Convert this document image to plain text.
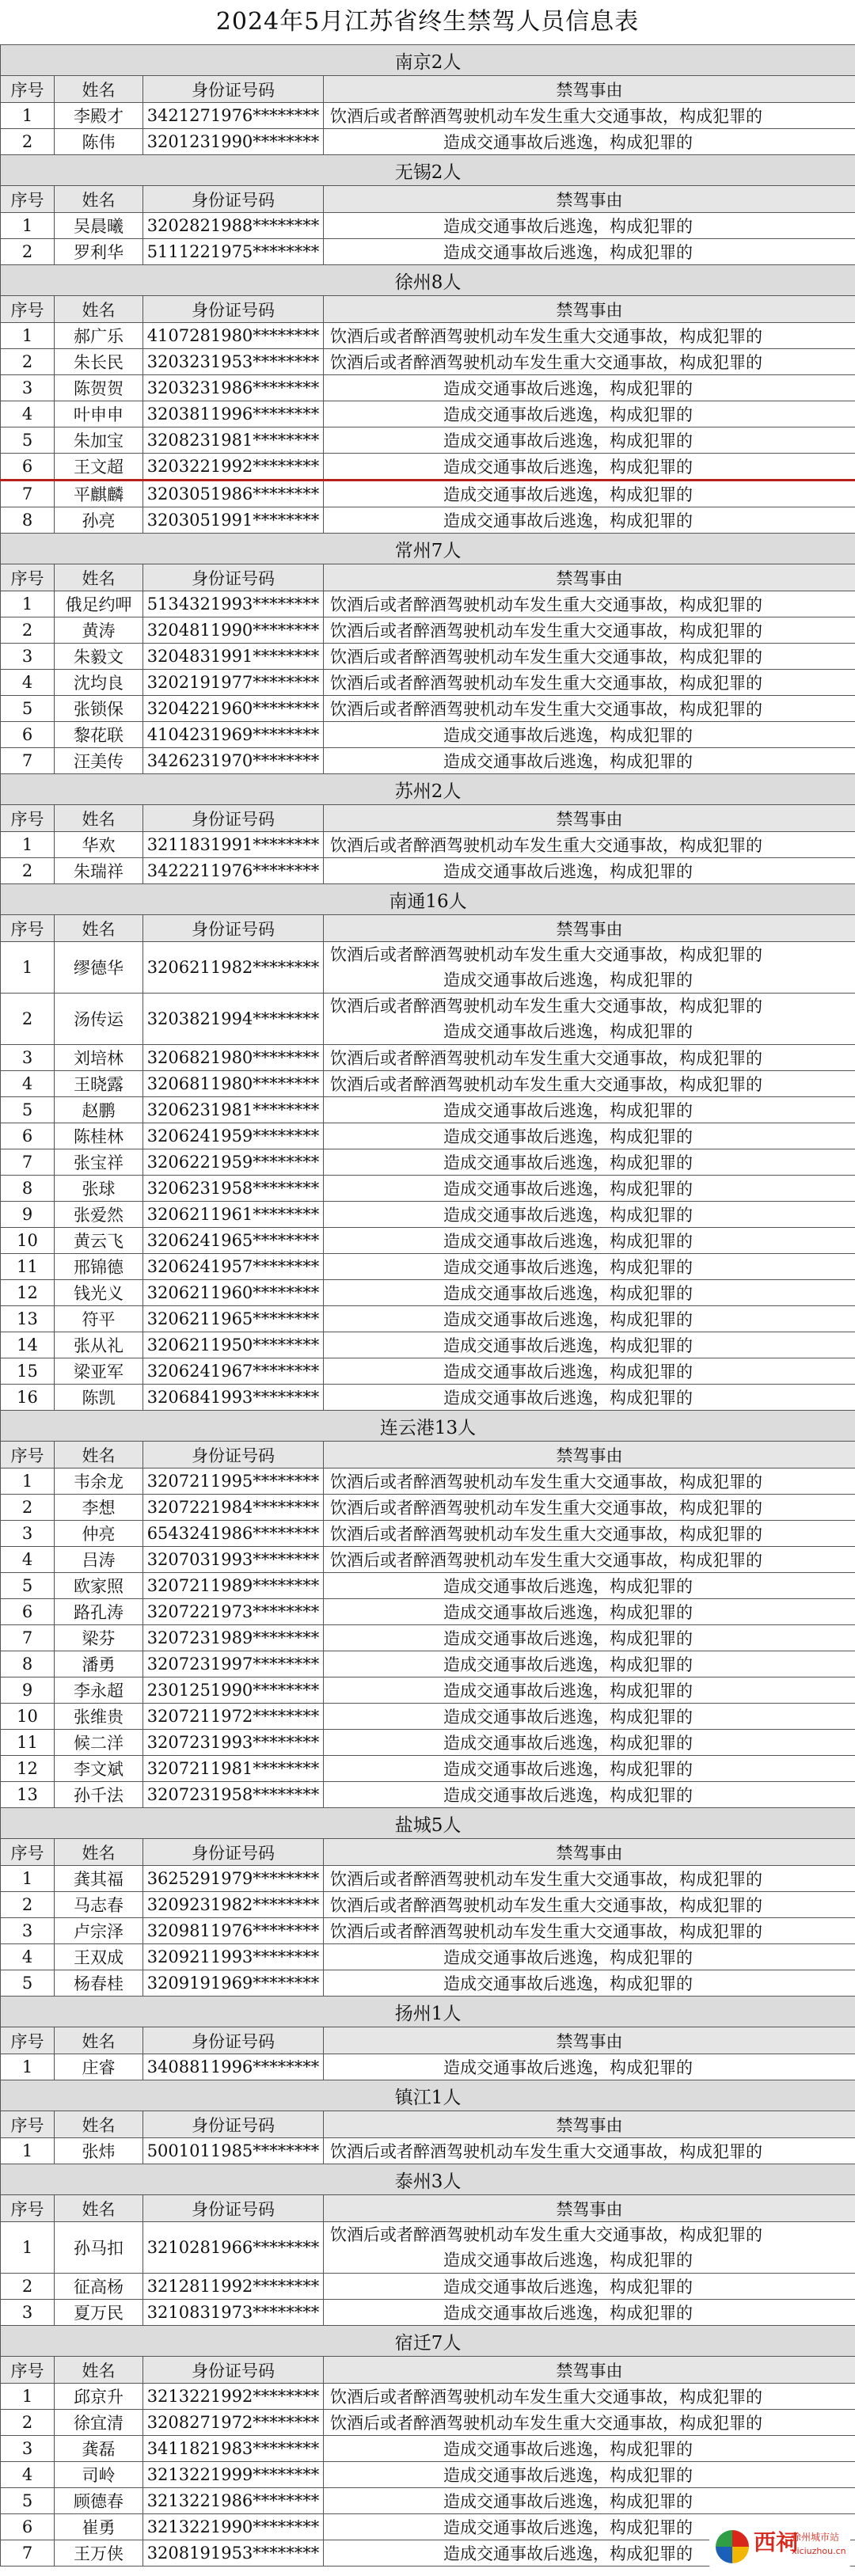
2024年5月江苏省终生禁驾人员信息表
南京2人			
序号	姓名	身份证号码	禁驾事由
1	李殿才	3421271976********	饮酒后或者醉酒驾驶机动车发生重大交通事故，构成犯罪的
2	陈伟	3201231990********	造成交通事故后逃逸，构成犯罪的
无锡2人			
序号	姓名	身份证号码	禁驾事由
1	吴晨曦	3202821988********	造成交通事故后逃逸，构成犯罪的
2	罗利华	5111221975********	造成交通事故后逃逸，构成犯罪的
徐州8人			
序号	姓名	身份证号码	禁驾事由
1	郝广乐	4107281980********	饮酒后或者醉酒驾驶机动车发生重大交通事故，构成犯罪的
2	朱长民	3203231953********	饮酒后或者醉酒驾驶机动车发生重大交通事故，构成犯罪的
3	陈贺贺	3203231986********	造成交通事故后逃逸，构成犯罪的
4	叶申申	3203811996********	造成交通事故后逃逸，构成犯罪的
5	朱加宝	3208231981********	造成交通事故后逃逸，构成犯罪的
6	王文超	3203221992********	造成交通事故后逃逸，构成犯罪的
7	平麒麟	3203051986********	造成交通事故后逃逸，构成犯罪的
8	孙亮	3203051991********	造成交通事故后逃逸，构成犯罪的
常州7人			
序号	姓名	身份证号码	禁驾事由
1	俄足约呷	5134321993********	饮酒后或者醉酒驾驶机动车发生重大交通事故，构成犯罪的
2	黄涛	3204811990********	饮酒后或者醉酒驾驶机动车发生重大交通事故，构成犯罪的
3	朱毅文	3204831991********	饮酒后或者醉酒驾驶机动车发生重大交通事故，构成犯罪的
4	沈均良	3202191977********	饮酒后或者醉酒驾驶机动车发生重大交通事故，构成犯罪的
5	张锁保	3204221960********	饮酒后或者醉酒驾驶机动车发生重大交通事故，构成犯罪的
6	黎花联	4104231969********	造成交通事故后逃逸，构成犯罪的
7	汪美传	3426231970********	造成交通事故后逃逸，构成犯罪的
苏州2人			
序号	姓名	身份证号码	禁驾事由
1	华欢	3211831991********	饮酒后或者醉酒驾驶机动车发生重大交通事故，构成犯罪的
2	朱瑞祥	3422211976********	造成交通事故后逃逸，构成犯罪的
南通16人			
序号	姓名	身份证号码	禁驾事由
1	缪德华	3206211982********	饮酒后或者醉酒驾驶机动车发生重大交通事故，构成犯罪的
造成交通事故后逃逸，构成犯罪的

2	汤传运	3203821994********	饮酒后或者醉酒驾驶机动车发生重大交通事故，构成犯罪的
造成交通事故后逃逸，构成犯罪的

3	刘培林	3206821980********	饮酒后或者醉酒驾驶机动车发生重大交通事故，构成犯罪的
4	王晓露	3206811980********	饮酒后或者醉酒驾驶机动车发生重大交通事故，构成犯罪的
5	赵鹏	3206231981********	造成交通事故后逃逸，构成犯罪的
6	陈桂林	3206241959********	造成交通事故后逃逸，构成犯罪的
7	张宝祥	3206221959********	造成交通事故后逃逸，构成犯罪的
8	张球	3206231958********	造成交通事故后逃逸，构成犯罪的
9	张爱然	3206211961********	造成交通事故后逃逸，构成犯罪的
10	黄云飞	3206241965********	造成交通事故后逃逸，构成犯罪的
11	邢锦德	3206241957********	造成交通事故后逃逸，构成犯罪的
12	钱光义	3206211960********	造成交通事故后逃逸，构成犯罪的
13	符平	3206211965********	造成交通事故后逃逸，构成犯罪的
14	张从礼	3206211950********	造成交通事故后逃逸，构成犯罪的
15	梁亚军	3206241967********	造成交通事故后逃逸，构成犯罪的
16	陈凯	3206841993********	造成交通事故后逃逸，构成犯罪的
连云港13人			
序号	姓名	身份证号码	禁驾事由
1	韦余龙	3207211995********	饮酒后或者醉酒驾驶机动车发生重大交通事故，构成犯罪的
2	李想	3207221984********	饮酒后或者醉酒驾驶机动车发生重大交通事故，构成犯罪的
3	仲亮	6543241986********	饮酒后或者醉酒驾驶机动车发生重大交通事故，构成犯罪的
4	吕涛	3207031993********	饮酒后或者醉酒驾驶机动车发生重大交通事故，构成犯罪的
5	欧家照	3207211989********	造成交通事故后逃逸，构成犯罪的
6	路孔涛	3207221973********	造成交通事故后逃逸，构成犯罪的
7	梁芬	3207231989********	造成交通事故后逃逸，构成犯罪的
8	潘勇	3207231997********	造成交通事故后逃逸，构成犯罪的
9	李永超	2301251990********	造成交通事故后逃逸，构成犯罪的
10	张维贵	3207211972********	造成交通事故后逃逸，构成犯罪的
11	候二洋	3207231993********	造成交通事故后逃逸，构成犯罪的
12	李文斌	3207211981********	造成交通事故后逃逸，构成犯罪的
13	孙千法	3207231958********	造成交通事故后逃逸，构成犯罪的
盐城5人			
序号	姓名	身份证号码	禁驾事由
1	龚其福	3625291979********	饮酒后或者醉酒驾驶机动车发生重大交通事故，构成犯罪的
2	马志春	3209231982********	饮酒后或者醉酒驾驶机动车发生重大交通事故，构成犯罪的
3	卢宗泽	3209811976********	饮酒后或者醉酒驾驶机动车发生重大交通事故，构成犯罪的
4	王双成	3209211993********	造成交通事故后逃逸，构成犯罪的
5	杨春桂	3209191969********	造成交通事故后逃逸，构成犯罪的
扬州1人			
序号	姓名	身份证号码	禁驾事由
1	庄睿	3408811996********	造成交通事故后逃逸，构成犯罪的
镇江1人			
序号	姓名	身份证号码	禁驾事由
1	张炜	5001011985********	饮酒后或者醉酒驾驶机动车发生重大交通事故，构成犯罪的
泰州3人			
序号	姓名	身份证号码	禁驾事由
1	孙马扣	3210281966********	饮酒后或者醉酒驾驶机动车发生重大交通事故，构成犯罪的
造成交通事故后逃逸，构成犯罪的

2	征高杨	3212811992********	造成交通事故后逃逸，构成犯罪的
3	夏万民	3210831973********	造成交通事故后逃逸，构成犯罪的
宿迁7人			
序号	姓名	身份证号码	禁驾事由
1	邱京升	3213221992********	饮酒后或者醉酒驾驶机动车发生重大交通事故，构成犯罪的
2	徐宜清	3208271972********	饮酒后或者醉酒驾驶机动车发生重大交通事故，构成犯罪的
3	龚磊	3411821983********	造成交通事故后逃逸，构成犯罪的
4	司岭	3213221999********	造成交通事故后逃逸，构成犯罪的
5	顾德春	3213221986********	造成交通事故后逃逸，构成犯罪的
6	崔勇	3213221990********	造成交通事故后逃逸，构成犯罪的
7	王万侠	3208191953********	造成交通事故后逃逸，构成犯罪的	西祠
徐州城市站
xiciuzhou.cn
